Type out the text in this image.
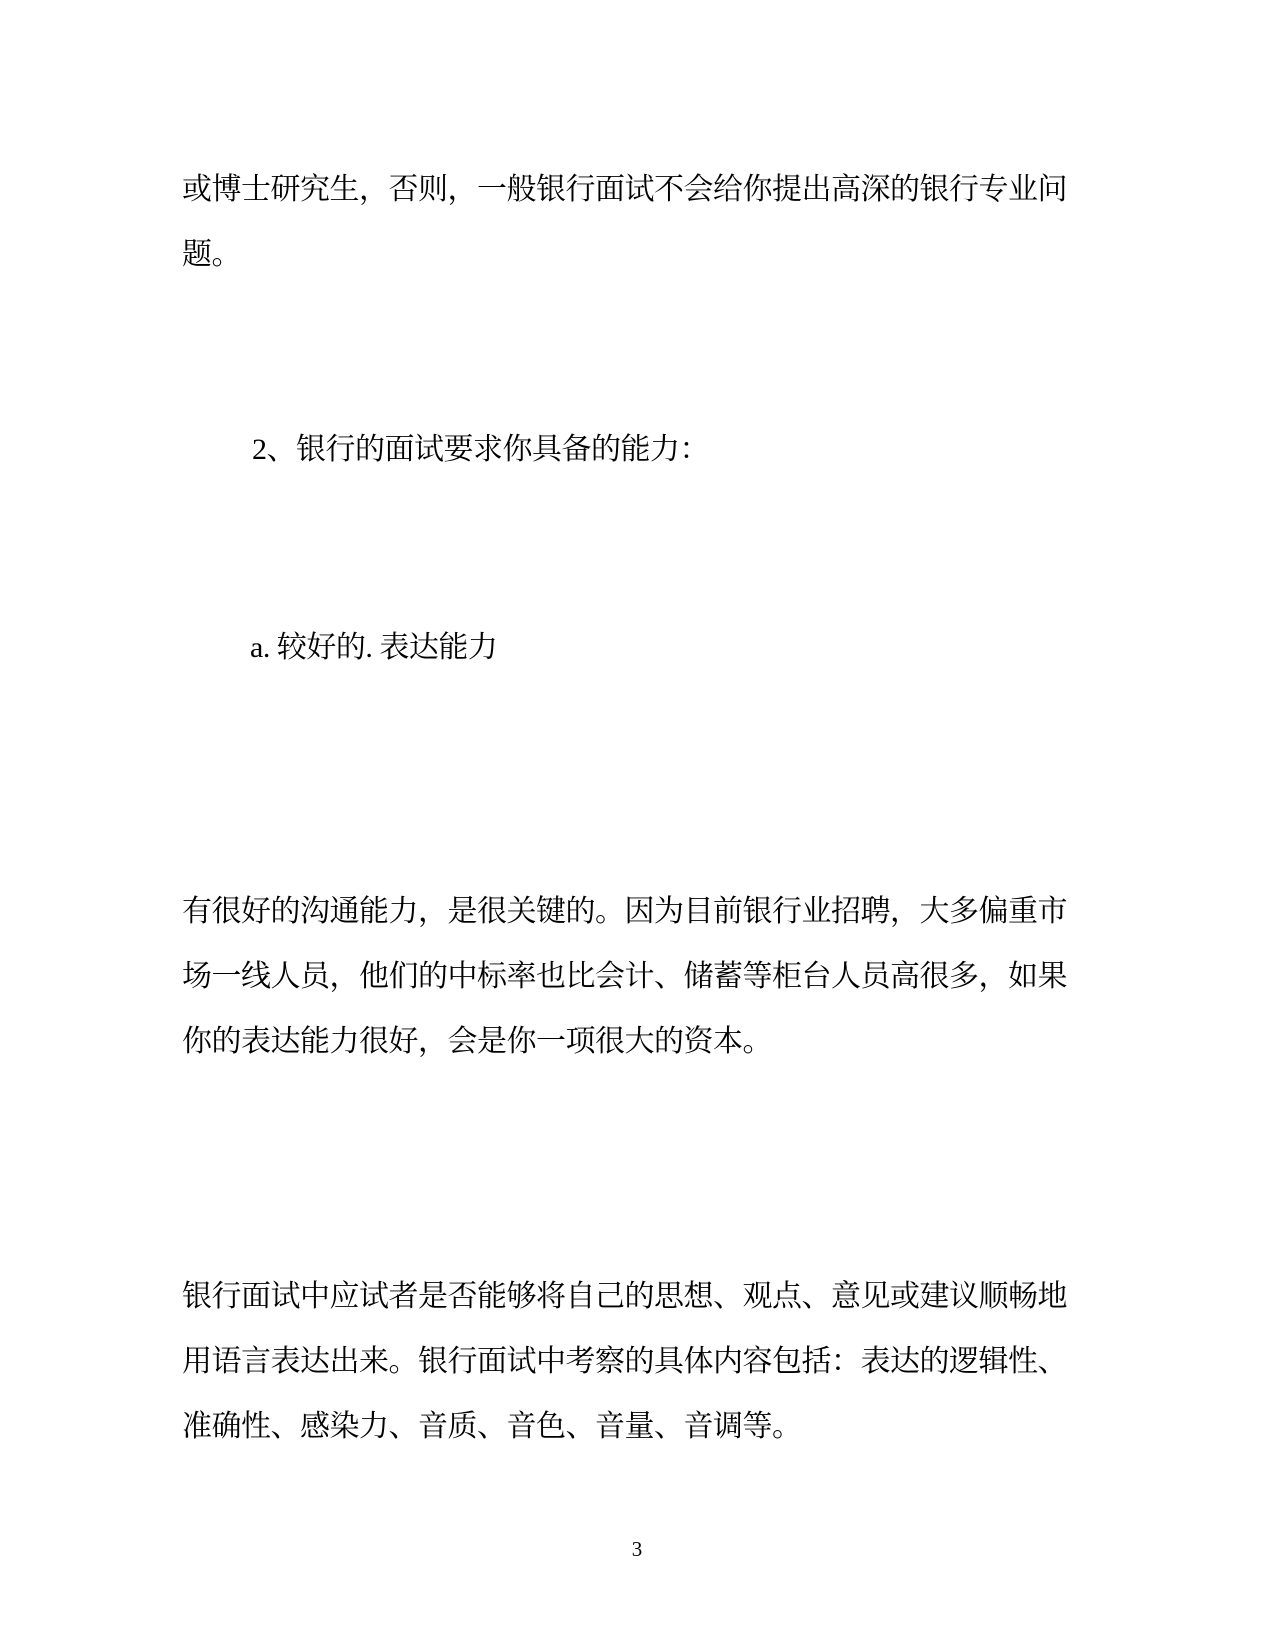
或博士研究生，否则，一般银行面试不会给你提出高深的银行专业问
题。
2、银行的面试要求你具备的能力：
a. 较好的. 表达能力
有很好的沟通能力，是很关键的。因为目前银行业招聘，大多偏重市
场一线人员，他们的中标率也比会计、储蓄等柜台人员高很多，如果
你的表达能力很好，会是你一项很大的资本。
银行面试中应试者是否能够将自己的思想、观点、意见或建议顺畅地
用语言表达出来。银行面试中考察的具体内容包括：表达的逻辑性、
准确性、感染力、音质、音色、音量、音调等。
3
